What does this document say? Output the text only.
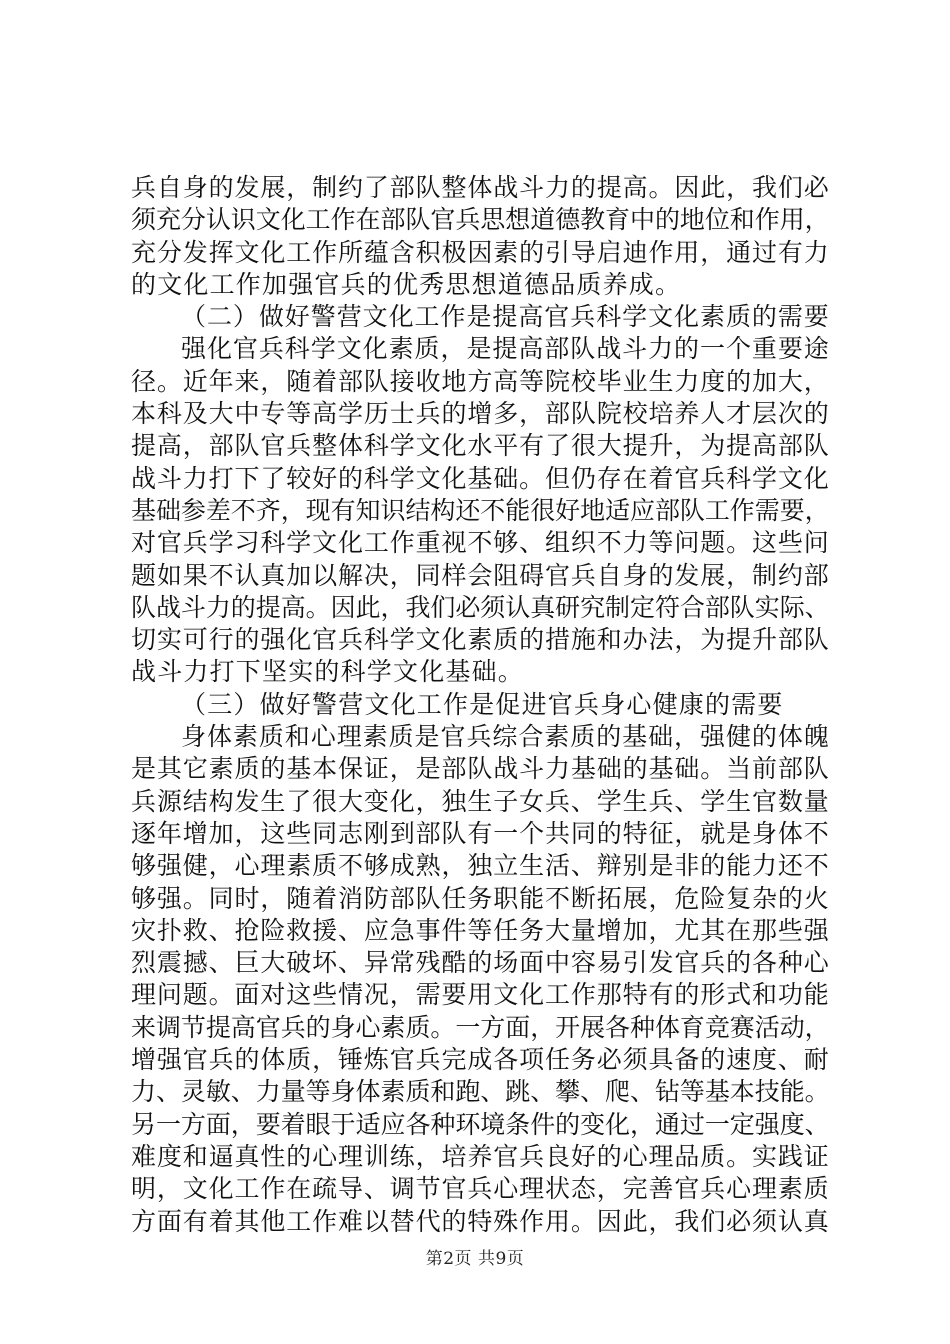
兵自身的发展，制约了部队整体战斗力的提高。因此，我们必
须充分认识文化工作在部队官兵思想道德教育中的地位和作用，
充分发挥文化工作所蕴含积极因素的引导启迪作用，通过有力
的文化工作加强官兵的优秀思想道德品质养成。
（二）做好警营文化工作是提高官兵科学文化素质的需要
强化官兵科学文化素质，是提高部队战斗力的一个重要途
径。近年来，随着部队接收地方高等院校毕业生力度的加大，
本科及大中专等高学历士兵的增多，部队院校培养人才层次的
提高，部队官兵整体科学文化水平有了很大提升，为提高部队
战斗力打下了较好的科学文化基础。但仍存在着官兵科学文化
基础参差不齐，现有知识结构还不能很好地适应部队工作需要，
对官兵学习科学文化工作重视不够、组织不力等问题。这些问
题如果不认真加以解决，同样会阻碍官兵自身的发展，制约部
队战斗力的提高。因此，我们必须认真研究制定符合部队实际、
切实可行的强化官兵科学文化素质的措施和办法，为提升部队
战斗力打下坚实的科学文化基础。
（三）做好警营文化工作是促进官兵身心健康的需要
身体素质和心理素质是官兵综合素质的基础，强健的体魄
是其它素质的基本保证，是部队战斗力基础的基础。当前部队
兵源结构发生了很大变化，独生子女兵、学生兵、学生官数量
逐年增加，这些同志刚到部队有一个共同的特征，就是身体不
够强健，心理素质不够成熟，独立生活、辩别是非的能力还不
够强。同时，随着消防部队任务职能不断拓展，危险复杂的火
灾扑救、抢险救援、应急事件等任务大量增加，尤其在那些强
烈震撼、巨大破坏、异常残酷的场面中容易引发官兵的各种心
理问题。面对这些情况，需要用文化工作那特有的形式和功能
来调节提高官兵的身心素质。一方面，开展各种体育竞赛活动，
增强官兵的体质，锤炼官兵完成各项任务必须具备的速度、耐
力、灵敏、力量等身体素质和跑、跳、攀、爬、钻等基本技能。
另一方面，要着眼于适应各种环境条件的变化，通过一定强度、
难度和逼真性的心理训练，培养官兵良好的心理品质。实践证
明，文化工作在疏导、调节官兵心理状态，完善官兵心理素质
方面有着其他工作难以替代的特殊作用。因此，我们必须认真
第2页 共9页
